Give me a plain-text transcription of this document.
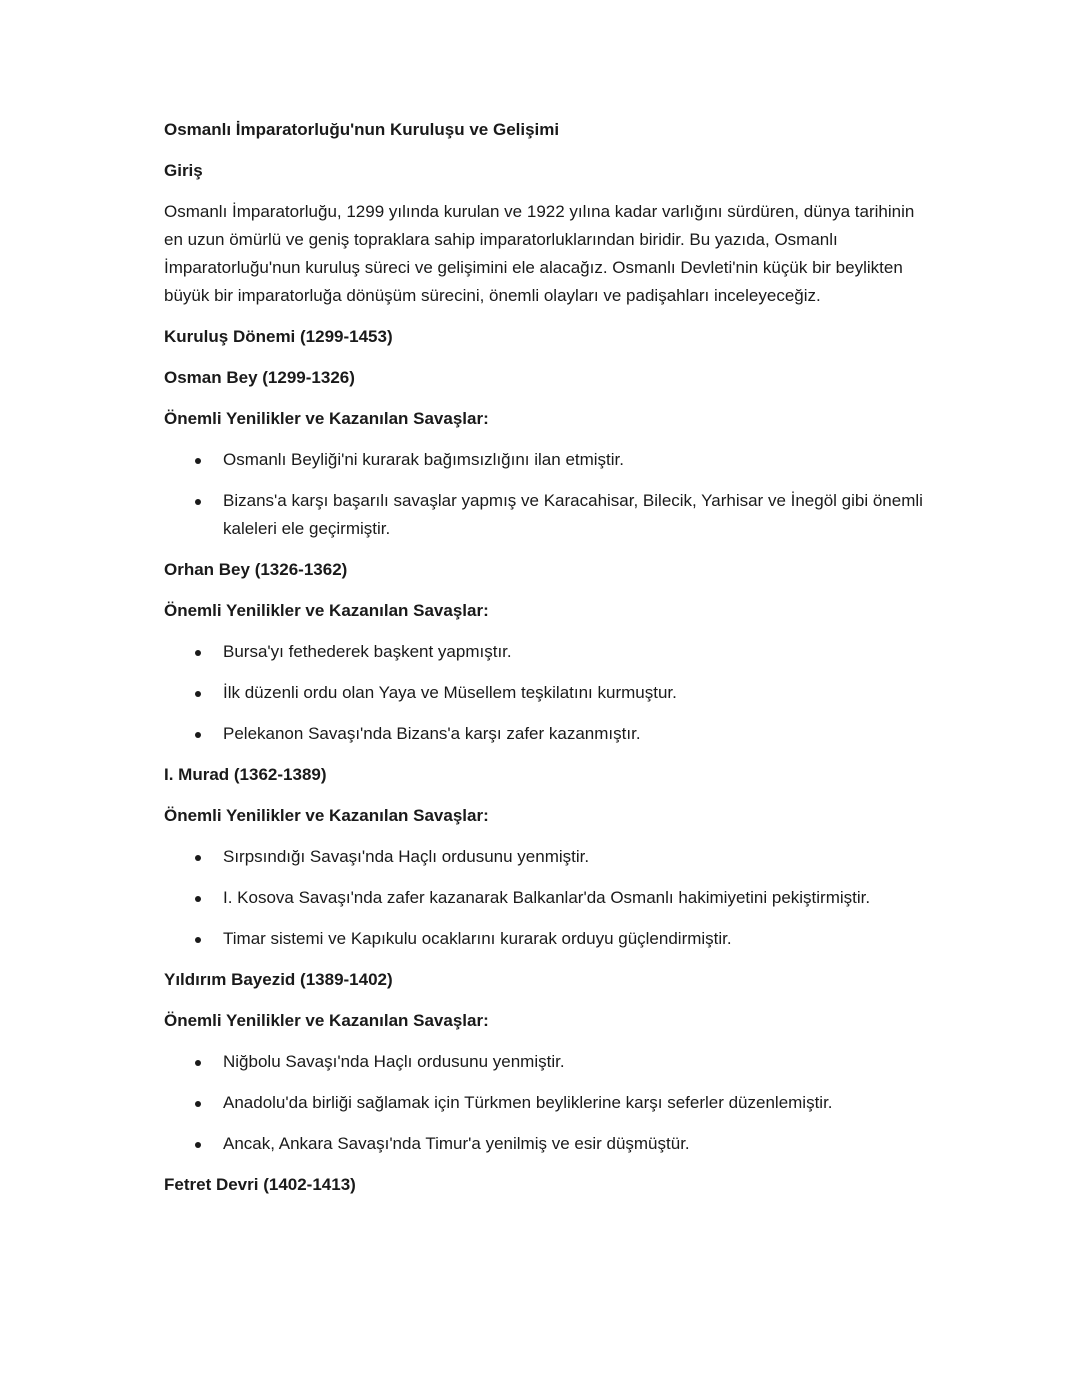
Osmanlı İmparatorluğu'nun Kuruluşu ve Gelişimi
Giriş
Osmanlı İmparatorluğu, 1299 yılında kurulan ve 1922 yılına kadar varlığını sürdüren, dünya tarihinin en uzun ömürlü ve geniş topraklara sahip imparatorluklarından biridir. Bu yazıda, Osmanlı İmparatorluğu'nun kuruluş süreci ve gelişimini ele alacağız. Osmanlı Devleti'nin küçük bir beylikten büyük bir imparatorluğa dönüşüm sürecini, önemli olayları ve padişahları inceleyeceğiz.
Kuruluş Dönemi (1299-1453)
Osman Bey (1299-1326)
Önemli Yenilikler ve Kazanılan Savaşlar:
Osmanlı Beyliği'ni kurarak bağımsızlığını ilan etmiştir.
Bizans'a karşı başarılı savaşlar yapmış ve Karacahisar, Bilecik, Yarhisar ve İnegöl gibi önemli kaleleri ele geçirmiştir.
Orhan Bey (1326-1362)
Önemli Yenilikler ve Kazanılan Savaşlar:
Bursa'yı fethederek başkent yapmıştır.
İlk düzenli ordu olan Yaya ve Müsellem teşkilatını kurmuştur.
Pelekanon Savaşı'nda Bizans'a karşı zafer kazanmıştır.
I. Murad (1362-1389)
Önemli Yenilikler ve Kazanılan Savaşlar:
Sırpsındığı Savaşı'nda Haçlı ordusunu yenmiştir.
I. Kosova Savaşı'nda zafer kazanarak Balkanlar'da Osmanlı hakimiyetini pekiştirmiştir.
Timar sistemi ve Kapıkulu ocaklarını kurarak orduyu güçlendirmiştir.
Yıldırım Bayezid (1389-1402)
Önemli Yenilikler ve Kazanılan Savaşlar:
Niğbolu Savaşı'nda Haçlı ordusunu yenmiştir.
Anadolu'da birliği sağlamak için Türkmen beyliklerine karşı seferler düzenlemiştir.
Ancak, Ankara Savaşı'nda Timur'a yenilmiş ve esir düşmüştür.
Fetret Devri (1402-1413)
